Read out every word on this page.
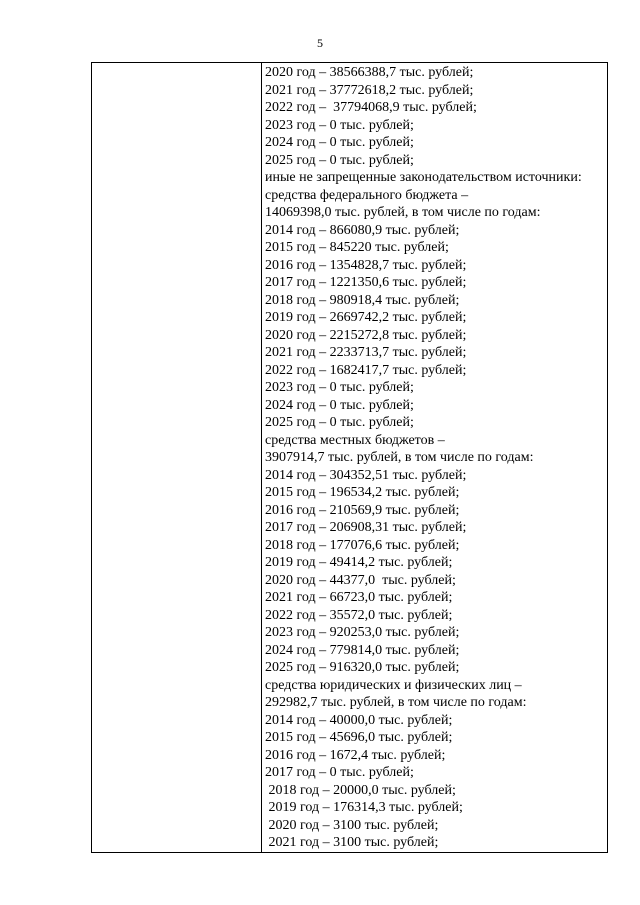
5

2020 год – 38566388,7 тыс. рублей;
2021 год – 37772618,2 тыс. рублей;
2022 год –  37794068,9 тыс. рублей;
2023 год – 0 тыс. рублей;
2024 год – 0 тыс. рублей;
2025 год – 0 тыс. рублей;
иные не запрещенные законодательством источники:
средства федерального бюджета –
14069398,0 тыс. рублей, в том числе по годам:
2014 год – 866080,9 тыс. рублей;
2015 год – 845220 тыс. рублей;
2016 год – 1354828,7 тыс. рублей;
2017 год – 1221350,6 тыс. рублей;
2018 год – 980918,4 тыс. рублей;
2019 год – 2669742,2 тыс. рублей;
2020 год – 2215272,8 тыс. рублей;
2021 год – 2233713,7 тыс. рублей;
2022 год – 1682417,7 тыс. рублей;
2023 год – 0 тыс. рублей;
2024 год – 0 тыс. рублей;
2025 год – 0 тыс. рублей;
средства местных бюджетов –
3907914,7 тыс. рублей, в том числе по годам:
2014 год – 304352,51 тыс. рублей;
2015 год – 196534,2 тыс. рублей;
2016 год – 210569,9 тыс. рублей;
2017 год – 206908,31 тыс. рублей;
2018 год – 177076,6 тыс. рублей;
2019 год – 49414,2 тыс. рублей;
2020 год – 44377,0  тыс. рублей;
2021 год – 66723,0 тыс. рублей;
2022 год – 35572,0 тыс. рублей;
2023 год – 920253,0 тыс. рублей;
2024 год – 779814,0 тыс. рублей;
2025 год – 916320,0 тыс. рублей;
средства юридических и физических лиц –
292982,7 тыс. рублей, в том числе по годам:
2014 год – 40000,0 тыс. рублей;
2015 год – 45696,0 тыс. рублей;
2016 год – 1672,4 тыс. рублей;
2017 год – 0 тыс. рублей;
2018 год – 20000,0 тыс. рублей;
2019 год – 176314,3 тыс. рублей;
2020 год – 3100 тыс. рублей;
2021 год – 3100 тыс. рублей;
